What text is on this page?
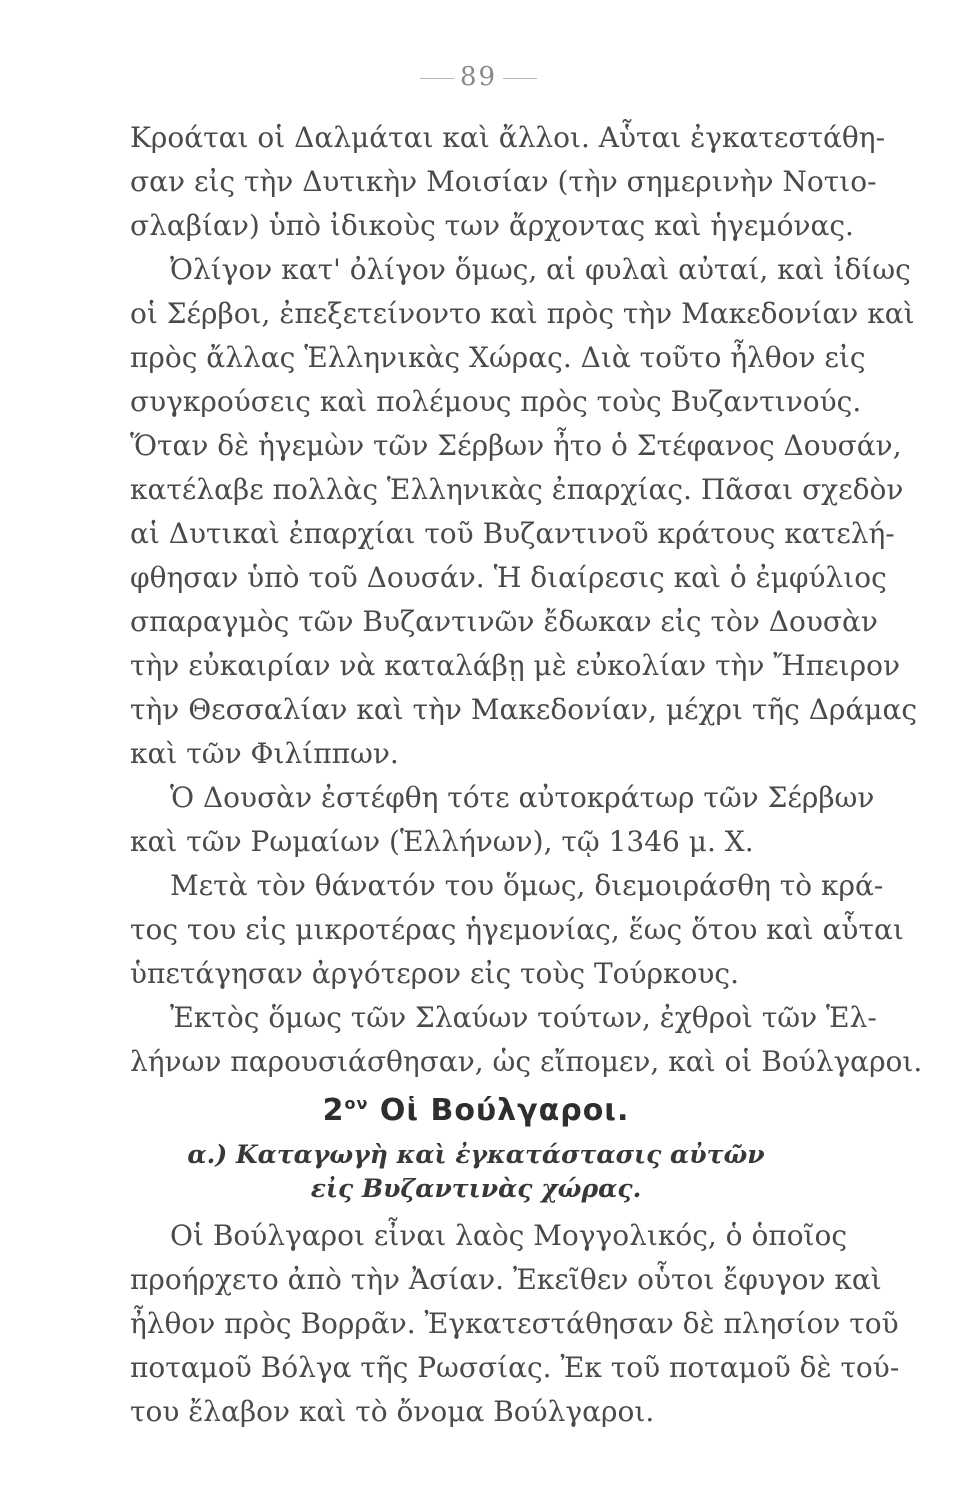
89
Κροάται οἱ Δαλμάται καὶ ἄλλοι. Αὗται ἐγκατεστάθη-
σαν εἰς τὴν Δυτικὴν Μοισίαν (τὴν σημερινὴν Νοτιο-
σλαβίαν) ὑπὸ ἰδικοὺς των ἄρχοντας καὶ ἡγεμόνας.
Ὀλίγον κατ' ὀλίγον ὅμως, αἱ φυλαὶ αὐταί, καὶ ἰδίως
οἱ Σέρβοι, ἐπεξετείνοντο καὶ πρὸς τὴν Μακεδονίαν καὶ
πρὸς ἄλλας Ἑλληνικὰς Χώρας. Διὰ τοῦτο ἦλθον εἰς
συγκρούσεις καὶ πολέμους πρὸς τοὺς Βυζαντινούς.
Ὅταν δὲ ἡγεμὼν τῶν Σέρβων ἦτο ὁ Στέφανος Δουσάν,
κατέλαβε πολλὰς Ἑλληνικὰς ἐπαρχίας. Πᾶσαι σχεδὸν
αἱ Δυτικαὶ ἐπαρχίαι τοῦ Βυζαντινοῦ κράτους κατελή-
φθησαν ὑπὸ τοῦ Δουσάν. Ἡ διαίρεσις καὶ ὁ ἐμφύλιος
σπαραγμὸς τῶν Βυζαντινῶν ἔδωκαν εἰς τὸν Δουσὰν
τὴν εὐκαιρίαν νὰ καταλάβῃ μὲ εὐκολίαν τὴν Ἤπειρον
τὴν Θεσσαλίαν καὶ τὴν Μακεδονίαν, μέχρι τῆς Δράμας
καὶ τῶν Φιλίππων.
Ὁ Δουσὰν ἐστέφθη τότε αὐτοκράτωρ τῶν Σέρβων
καὶ τῶν Ρωμαίων (Ἑλλήνων), τῷ 1346 μ. Χ.
Μετὰ τὸν θάνατόν του ὅμως, διεμοιράσθη τὸ κρά-
τος του εἰς μικροτέρας ἡγεμονίας, ἕως ὅτου καὶ αὗται
ὑπετάγησαν ἀργότερον εἰς τοὺς Τούρκους.
Ἐκτὸς ὅμως τῶν Σλαύων τούτων, ἐχθροὶ τῶν Ἑλ-
λήνων παρουσιάσθησαν, ὡς εἴπομεν, καὶ οἱ Βούλγαροι.
$2^{o\nu}$ Οἱ Βούλγαροι.
α.) Καταγωγὴ καὶ ἐγκατάστασις αὐτῶν
εἰς Βυζαντινὰς χώρας.
Οἱ Βούλγαροι εἶναι λαὸς Μογγολικός, ὁ ὁποῖος
προήρχετο ἀπὸ τὴν Ἀσίαν. Ἐκεῖθεν οὗτοι ἔφυγον καὶ
ἦλθον πρὸς Βορρᾶν. Ἐγκατεστάθησαν δὲ πλησίον τοῦ
ποταμοῦ Βόλγα τῆς Ρωσσίας. Ἐκ τοῦ ποταμοῦ δὲ τού-
του ἔλαβον καὶ τὸ ὄνομα Βούλγαροι.
